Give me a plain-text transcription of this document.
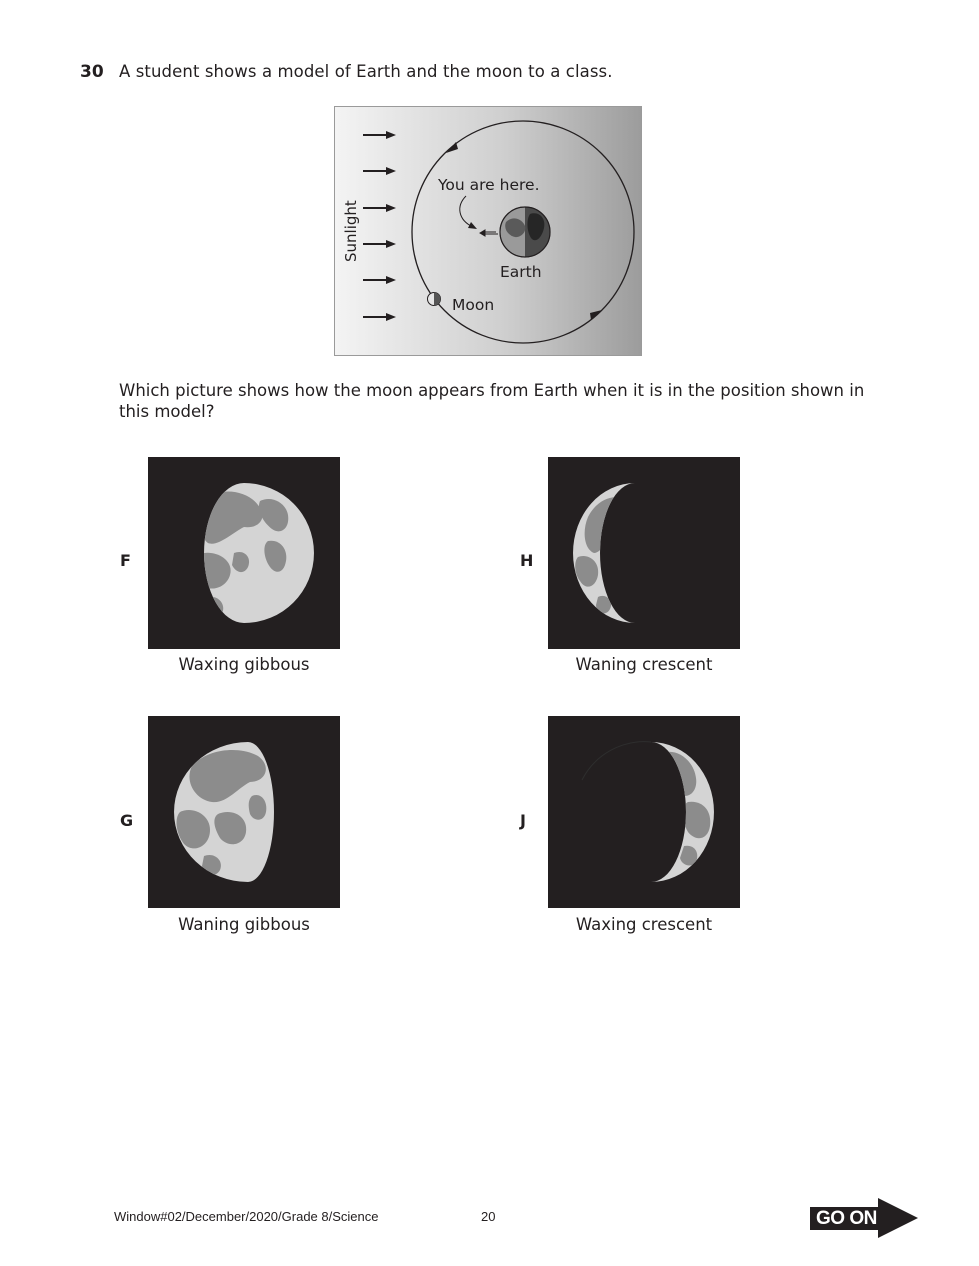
30 A student shows a model of Earth and the moon to a class.
Sunlight
You are here.
Earth
Moon
Which picture shows how the moon appears from Earth when it is in the position shown in this model?
F
Waxing gibbous
H
Waning crescent
G
Waning gibbous
J
Waxing crescent
Window#02/December/2020/Grade 8/Science	20	GO ON
